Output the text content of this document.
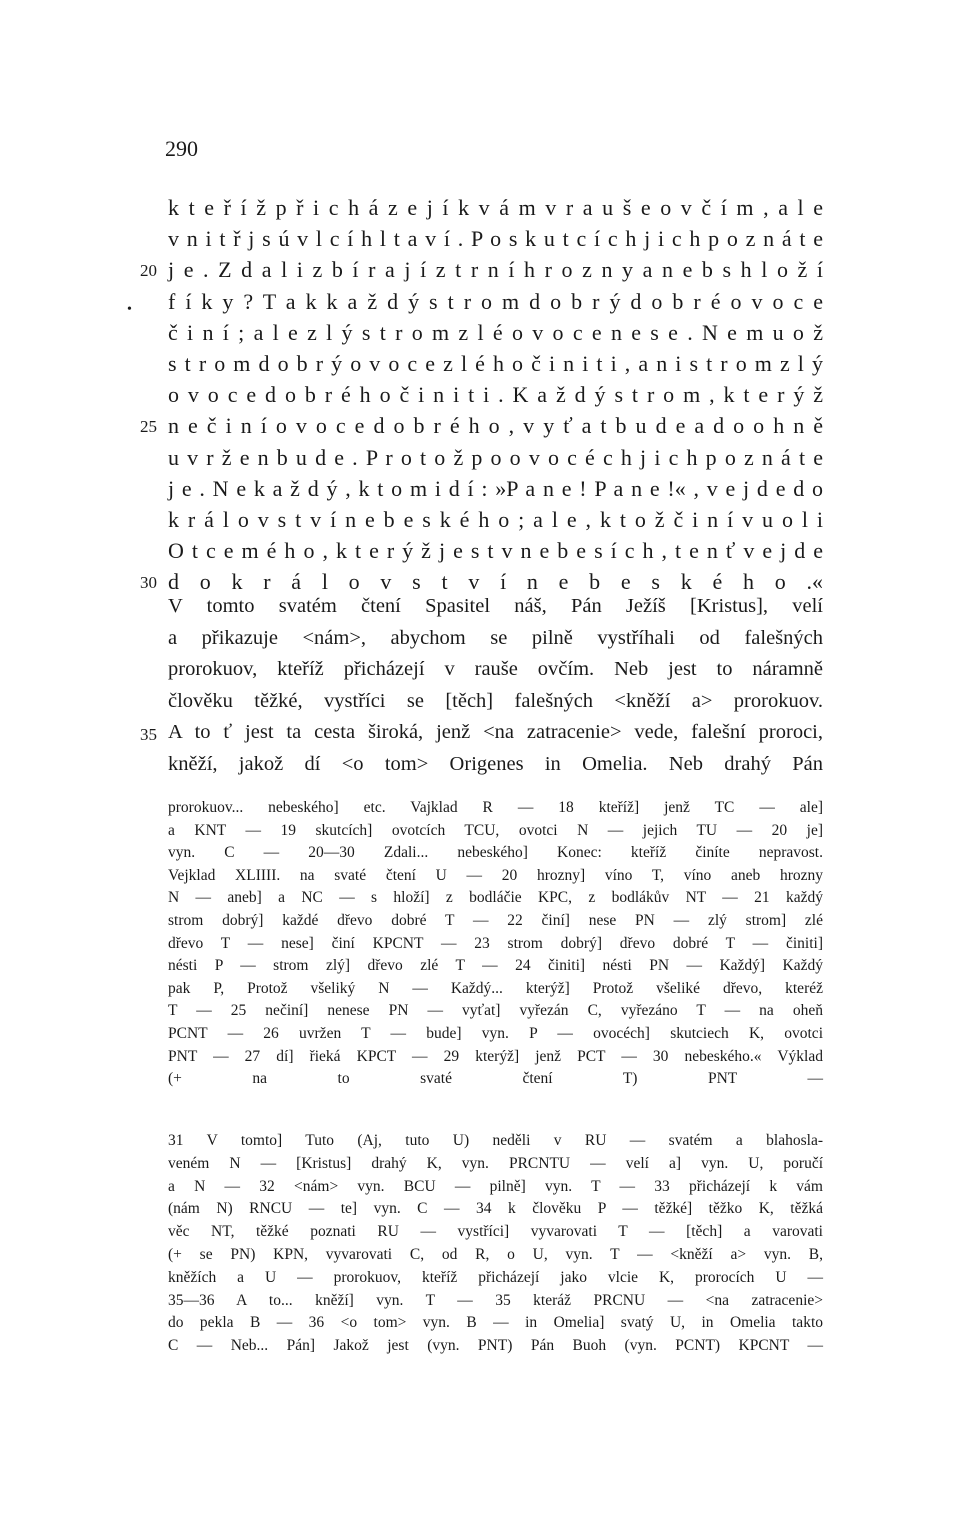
290
•
k t e ř í ž p ř i c h á z e j í k v á m v r a u š e o v č í m , a l e
v n i t ř j s ú v l c í h l t a v í . P o s k u t c í c h j i c h p o z n á t e
j e . Z d a l i z b í r a j í z t r n í h r o z n y a n e b s h l o ž í
20
f í k y ? T a k k a ž d ý s t r o m d o b r ý d o b r é o v o c e
č i n í ; a l e z l ý s t r o m z l é o v o c e n e s e . N e m u o ž
s t r o m d o b r ý o v o c e z l é h o č i n i t i , a n i s t r o m z l ý
o v o c e d o b r é h o č i n i t i . K a ž d ý s t r o m , k t e r ý ž
n e č i n í o v o c e d o b r é h o , v y ť a t b u d e a d o o h n ě
25
u v r ž e n b u d e . P r o t o ž p o o v o c é c h j i c h p o z n á t e
j e . N e k a ž d ý , k t o m i d í : »P a n e ! P a n e !« , v e j d e d o
k r á l o v s t v í n e b e s k é h o ; a l e , k t o ž č i n í v u o l i
O t c e m é h o , k t e r ý ž j e s t v n e b e s í c h , t e n ť v e j d e
d o k r á l o v s t v í n e b e s k é h o .«
30
V tomto svatém čtení Spasitel náš, Pán Ježíš [Kristus], velí
a přikazuje <nám>, abychom se pilně vystříhali od falešných
prorokuov, kteříž přicházejí v rauše ovčím. Neb jest to náramně
člověku těžké, vystříci se [těch] falešných <kněží a> prorokuov.
A to ť jest ta cesta široká, jenž <na zatracenie> vede, falešní proroci,
35
kněží, jakož dí <o tom> Origenes in Omelia. Neb drahý Pán
prorokuov... nebeského] etc. Vajklad R — 18 kteříž] jenž TC — ale]
a KNT — 19 skutcích] ovotcích TCU, ovotci N — jejich TU — 20 je]
vyn. C — 20—30 Zdali... nebeského] Konec: kteříž činíte nepravost.
Vejklad XLIIII. na svaté čtení U — 20 hrozny] víno T, víno aneb hrozny
N — aneb] a NC — s hloží] z bodláčie KPC, z bodlákův NT — 21 každý
strom dobrý] každé dřevo dobré T — 22 činí] nese PN — zlý strom] zlé
dřevo T — nese] činí KPCNT — 23 strom dobrý] dřevo dobré T — činiti]
nésti P — strom zlý] dřevo zlé T — 24 činiti] nésti PN — Každý] Každý
pak P, Protož všeliký N — Každý... kterýž] Protož všeliké dřevo, kteréž
T — 25 nečiní] nenese PN — vyťat] vyřezán C, vyřezáno T — na oheň
PCNT — 26 uvržen T — bude] vyn. P — ovocéch] skutciech K, ovotci
PNT — 27 dí] řieká KPCT — 29 kterýž] jenž PCT — 30 nebeského.« Výklad
(+ na to svaté čtení T) PNT —
31 V tomto] Tuto (Aj, tuto U) neděli v RU — svatém a blahosla-
veném N — [Kristus] drahý K, vyn. PRCNTU — velí a] vyn. U, poručí
a N — 32 <nám> vyn. BCU — pilně] vyn. T — 33 přicházejí k vám
(nám N) RNCU — te] vyn. C — 34 k člověku P — těžké] těžko K, těžká
věc NT, těžké poznati RU — vystříci] vyvarovati T — [těch] a varovati
(+ se PN) KPN, vyvarovati C, od R, o U, vyn. T — <kněží a> vyn. B,
kněžích a U — prorokuov, kteříž přicházejí jako vlcie K, prorocích U —
35—36 A to... kněží] vyn. T — 35 kteráž PRCNU — <na zatracenie>
do pekla B — 36 <o tom> vyn. B — in Omelia] svatý U, in Omelia takto
C — Neb... Pán] Jakož jest (vyn. PNT) Pán Buoh (vyn. PCNT) KPCNT —
